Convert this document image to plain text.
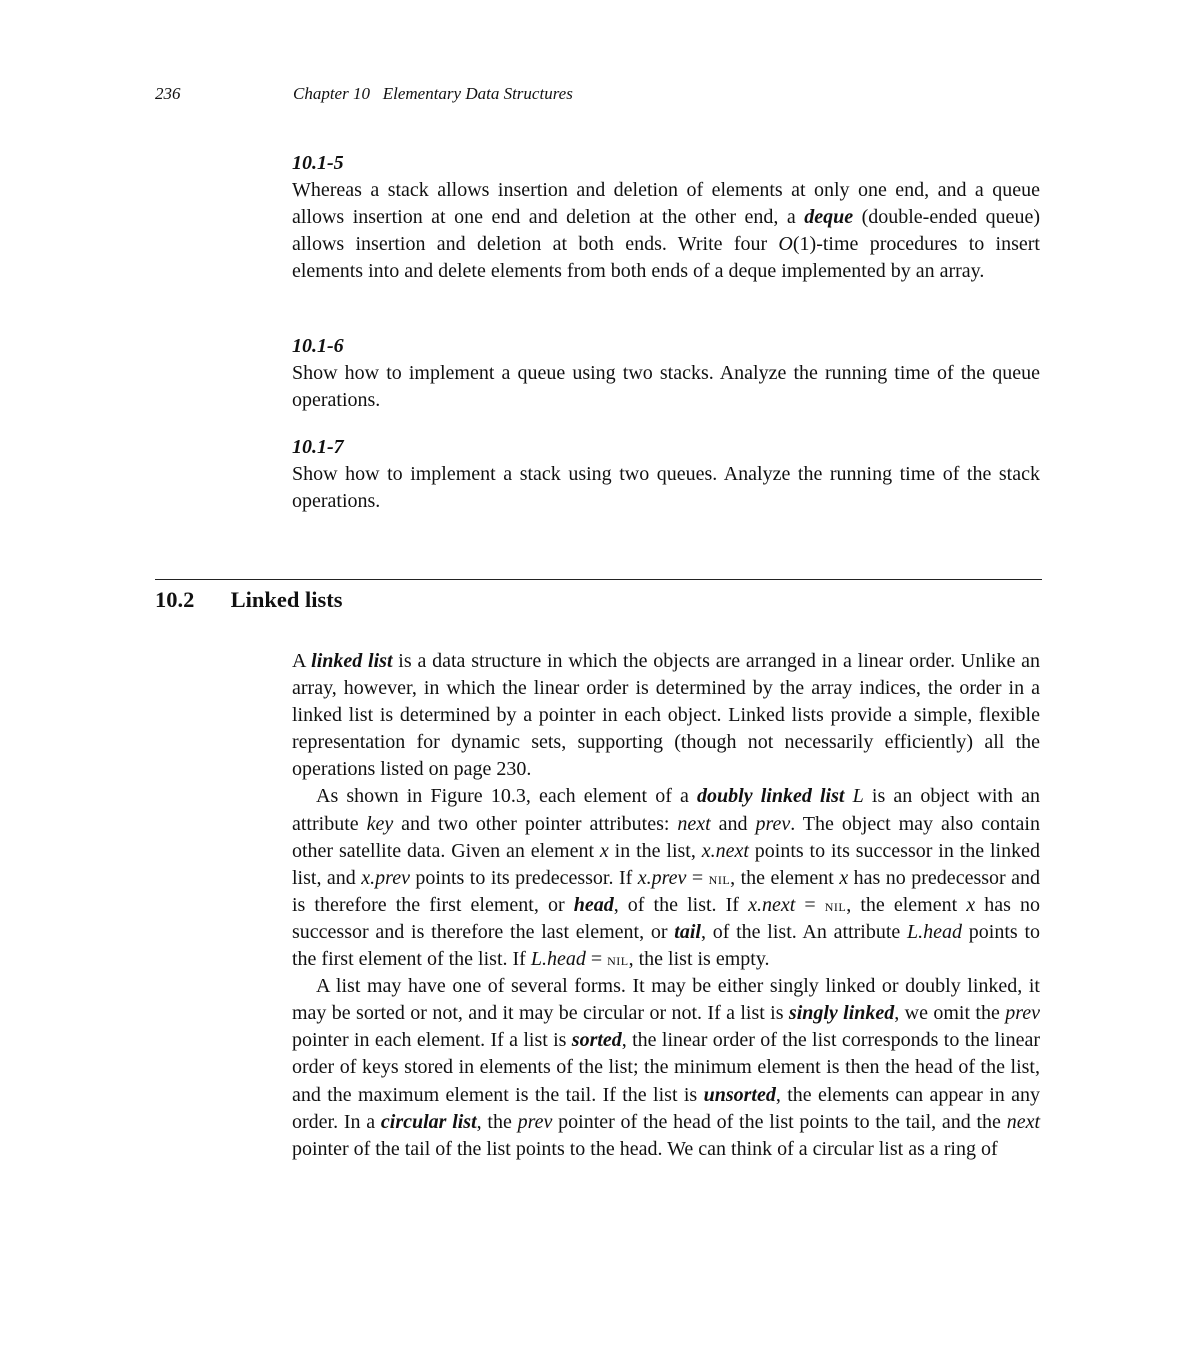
236	Chapter 10   Elementary Data Structures
10.1-5
Whereas a stack allows insertion and deletion of elements at only one end, and a queue allows insertion at one end and deletion at the other end, a deque (double-ended queue) allows insertion and deletion at both ends. Write four O(1)-time procedures to insert elements into and delete elements from both ends of a deque implemented by an array.
10.1-6
Show how to implement a queue using two stacks. Analyze the running time of the queue operations.
10.1-7
Show how to implement a stack using two queues. Analyze the running time of the stack operations.
10.2 Linked lists

A linked list is a data structure in which the objects are arranged in a linear order. Unlike an array, however, in which the linear order is determined by the array indices, the order in a linked list is determined by a pointer in each object. Linked lists provide a simple, flexible representation for dynamic sets, supporting (though not necessarily efficiently) all the operations listed on page 230.

As shown in Figure 10.3, each element of a doubly linked list L is an object with an attribute key and two other pointer attributes: next and prev. The object may also contain other satellite data. Given an element x in the list, x.next points to its successor in the linked list, and x.prev points to its predecessor. If x.prev = nil, the element x has no predecessor and is therefore the first element, or head, of the list. If x.next = nil, the element x has no successor and is therefore the last element, or tail, of the list. An attribute L.head points to the first element of the list. If L.head = nil, the list is empty.

A list may have one of several forms. It may be either singly linked or doubly linked, it may be sorted or not, and it may be circular or not. If a list is singly linked, we omit the prev pointer in each element. If a list is sorted, the linear order of the list corresponds to the linear order of keys stored in elements of the list; the minimum element is then the head of the list, and the maximum element is the tail. If the list is unsorted, the elements can appear in any order. In a circular list, the prev pointer of the head of the list points to the tail, and the next pointer of the tail of the list points to the head. We can think of a circular list as a ring of
